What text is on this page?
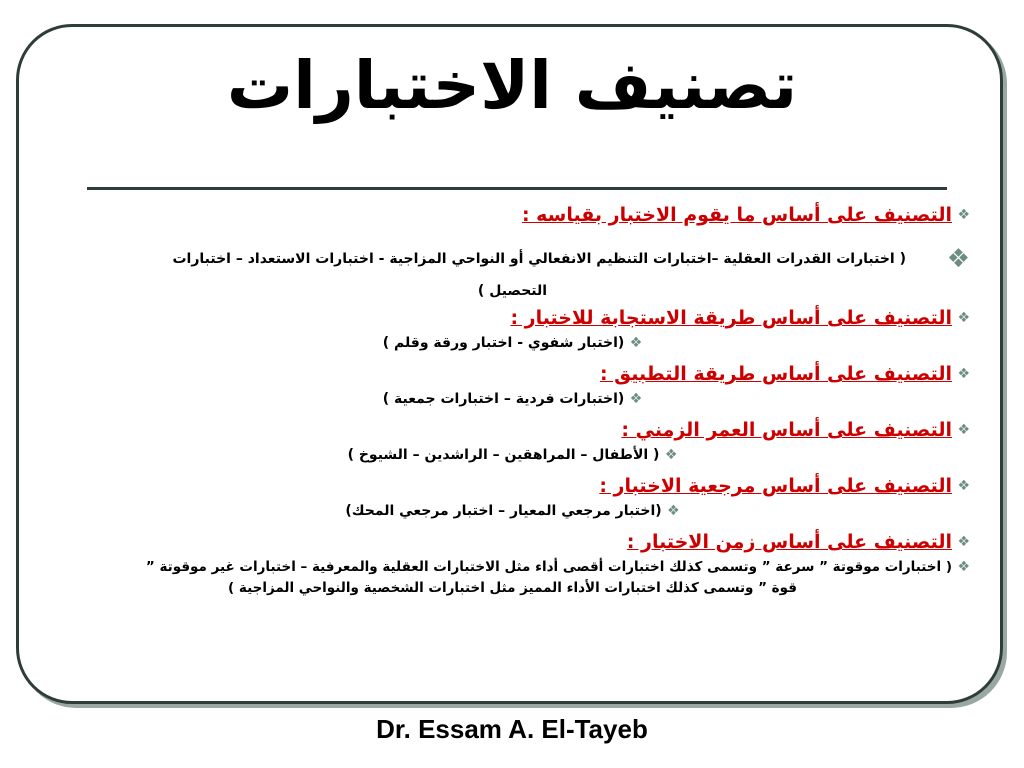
تصنيف الاختبارات
❖
التصنيف على أساس ما يقوم الاختبار بقياسه :
❖
( اختبارات القدرات العقلية –اختبارات التنظيم الانفعالي أو النواحي المزاجية - اختبارات الاستعداد – اختبارات
التحصيل )
❖
التصنيف على أساس طريقة الاستجابة للاختبار :
❖
(اختبار شفوي - اختبار ورقة وقلم )
❖
التصنيف على أساس طريقة التطبيق :
❖
(اختبارات فردية – اختبارات جمعية )
❖
التصنيف على أساس العمر الزمني :
❖
( الأطفال – المراهقين – الراشدين – الشيوخ )
❖
التصنيف على أساس مرجعية الاختبار :
❖
(اختبار مرجعي المعيار – اختبار مرجعي المحك)
❖
التصنيف على أساس زمن الاختبار :
❖
( اختبارات موقوتة ” سرعة ” وتسمى كذلك اختبارات أقصى أداء مثل الاختبارات العقلية والمعرفية – اختبارات غير موقوتة ”
قوة ” وتسمى كذلك اختبارات الأداء المميز مثل اختبارات الشخصية والنواحي المزاجية )
Dr. Essam A. El-Tayeb
